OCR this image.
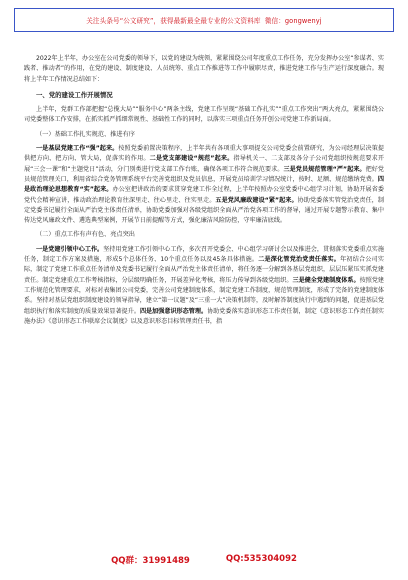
关注头条号“公文研究”，获得最新最全最专业的公文资料库
微信：gongwenyj

2022年上半年，办公室在公司党委的领导下，以党的建设为统领，紧紧围绕公司年度重点工作任务，充分发挥办公室“参谋者、实践者、推动者”的作用，在党的建设、制度建设、人员统筹、重点工作推进等工作中履职尽责，推进党建工作与生产运行深度融合。现将上半年工作情况总结如下：

一、党的建设工作开展情况

上半年，党群工作部把握“总揽大局”“服务中心”两条主线，党建工作呈现“基础工作扎实”“重点工作突出”两大亮点，紧紧围绕公司党委整体工作安排，在抓实抓严抓细常规性、基础性工作的同时，以落实三项重点任务开创公司党建工作新局面。

（一）基础工作扎实规范、推进有序

一是基层党建工作“强”起来。按照党委前置决策程序，上半年共有各项重大事项提交公司党委会前置研究，为公司经理层决策提供把方向、把方向、管大局，促落实的作用。二是党支部建设“规范”起来。指导机关一、二支部及各分子公司党组织按规范要求开展“三会一课”和“主题党日”活动，分门别类进行党支部工作台账，确保各项工作符合规范要求。三是党员规范管理“严”起来。把好党员规范管理关口，利用省综合党务管理系统平台完善党组织及党员信息，开展党员培训学习情况统计，按时、足额、规范缴纳党费。四是政治理论思想教育“实”起来。办公室把讲政治的要求贯穿党建工作全过程，上半年按照办公室党委中心组学习计划，协助开展省委党代会精神宣讲，推动政治理论教育往深里走、往心里走、往实里走。五是党风廉政建设“紧”起来。协助党委落实管党治党责任，制定党委书记履行全面从严治党主体责任清单，协助党委加强对各级党组织全面从严治党各项工作的督导，通过开展专题警示教育、集中传达党风廉政文件、遴选典型案例，开展节日前提醒等方式，强化廉洁风险防控，守牢廉洁底线。

（二）重点工作有声有色、亮点突出

一是党建引领中心工作。坚持用党建工作引领中心工作，多次召开党委会、中心组学习研讨会以及推进会，贯彻落实党委重点实施任务，制定工作方案及措施，形成5个总体任务、10个重点任务以及45条具体措施。二是深化管党治党责任落实。年初结合公司实际，制定了党建工作重点任务清单及党委书记履行全面从严治党主体责任清单，将任务逐一分解到各基层党组织，层层压紧压实抓党建责任。制定党建重点工作考核指标，分层级明确任务，开展差异化考核，将压力传导到各级党组织。三是健全党建制度体系。按照党建工作规范化管理要求，对标对表集团公司党委，完善公司党建制度体系，制定党建工作制度，规范管理制度，形成了完备的党建制度体系。坚持对基层党组织制度建设的领导指导，建立“第一议题”及“三重一大”决策机制等，及时解答制度执行中遇到的问题，促进基层党组织执行和落实制度的质量效果显著提升。四是加强意识形态管理。协助党委落实意识形态工作责任制，制定《意识形态工作责任制实施办法》《意识形态工作联席会议制度》以及意识形态目标管理责任书，指

QQ群：31991489	QQ:535304092
